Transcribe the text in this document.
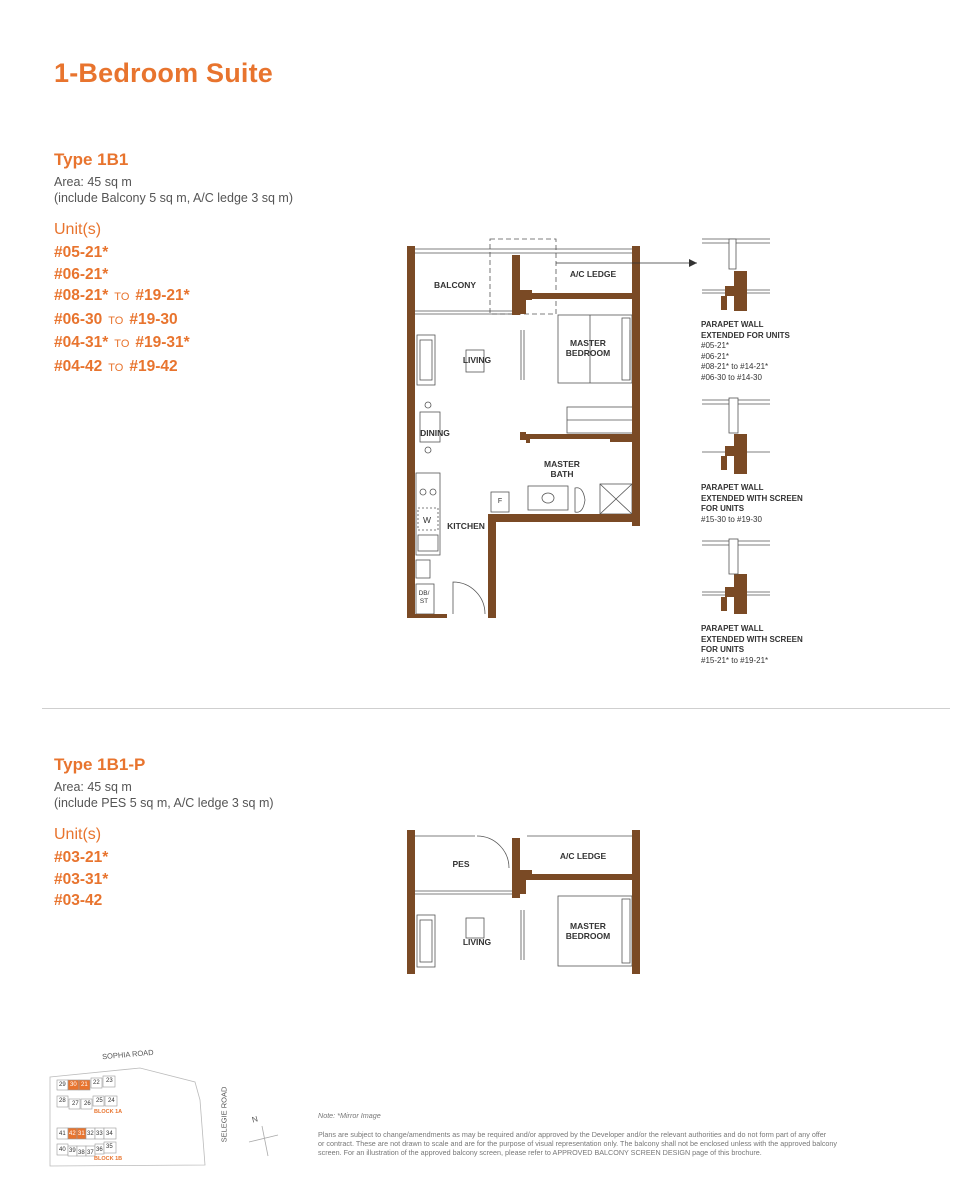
1-Bedroom Suite
Type 1B1
Area: 45 sq m
(include Balcony 5 sq m, A/C ledge 3 sq m)
Unit(s)
#05-21*
#06-21*
#08-21* TO #19-21*
#06-30 TO #19-30
#04-31* TO #19-31*
#04-42 TO #19-42
BALCONY
A/C LEDGE
LIVING
MASTER
BEDROOM
DINING
MASTER
BATH
KITCHEN
W
F
DB/
ST
PARAPET WALL
EXTENDED FOR UNITS
#05-21*
#06-21*
#08-21* to #14-21*
#06-30 to #14-30
PARAPET WALL
EXTENDED WITH SCREEN
FOR UNITS
#15-30 to #19-30
PARAPET WALL
EXTENDED WITH SCREEN
FOR UNITS
#15-21* to #19-21*
Type 1B1-P
Area: 45 sq m
(include PES 5 sq m, A/C ledge 3 sq m)
Unit(s)
#03-21*
#03-31*
#03-42
PES
A/C LEDGE
LIVING
MASTER
BEDROOM
SOPHIA ROAD
SELEGIE ROAD	N
29 30 21 22 23
28 27 26 25 24
BLOCK 1A
41 42 31 32 33 34
40 39 38 37 36 35
BLOCK 1B
Note: *Mirror Image
Plans are subject to change/amendments as may be required and/or approved by the Developer and/or the relevant authorities and do not form part of any offer
or contract. These are not drawn to scale and are for the purpose of visual representation only. The balcony shall not be enclosed unless with the approved balcony
screen. For an illustration of the approved balcony screen, please refer to APPROVED BALCONY SCREEN DESIGN page of this brochure.
